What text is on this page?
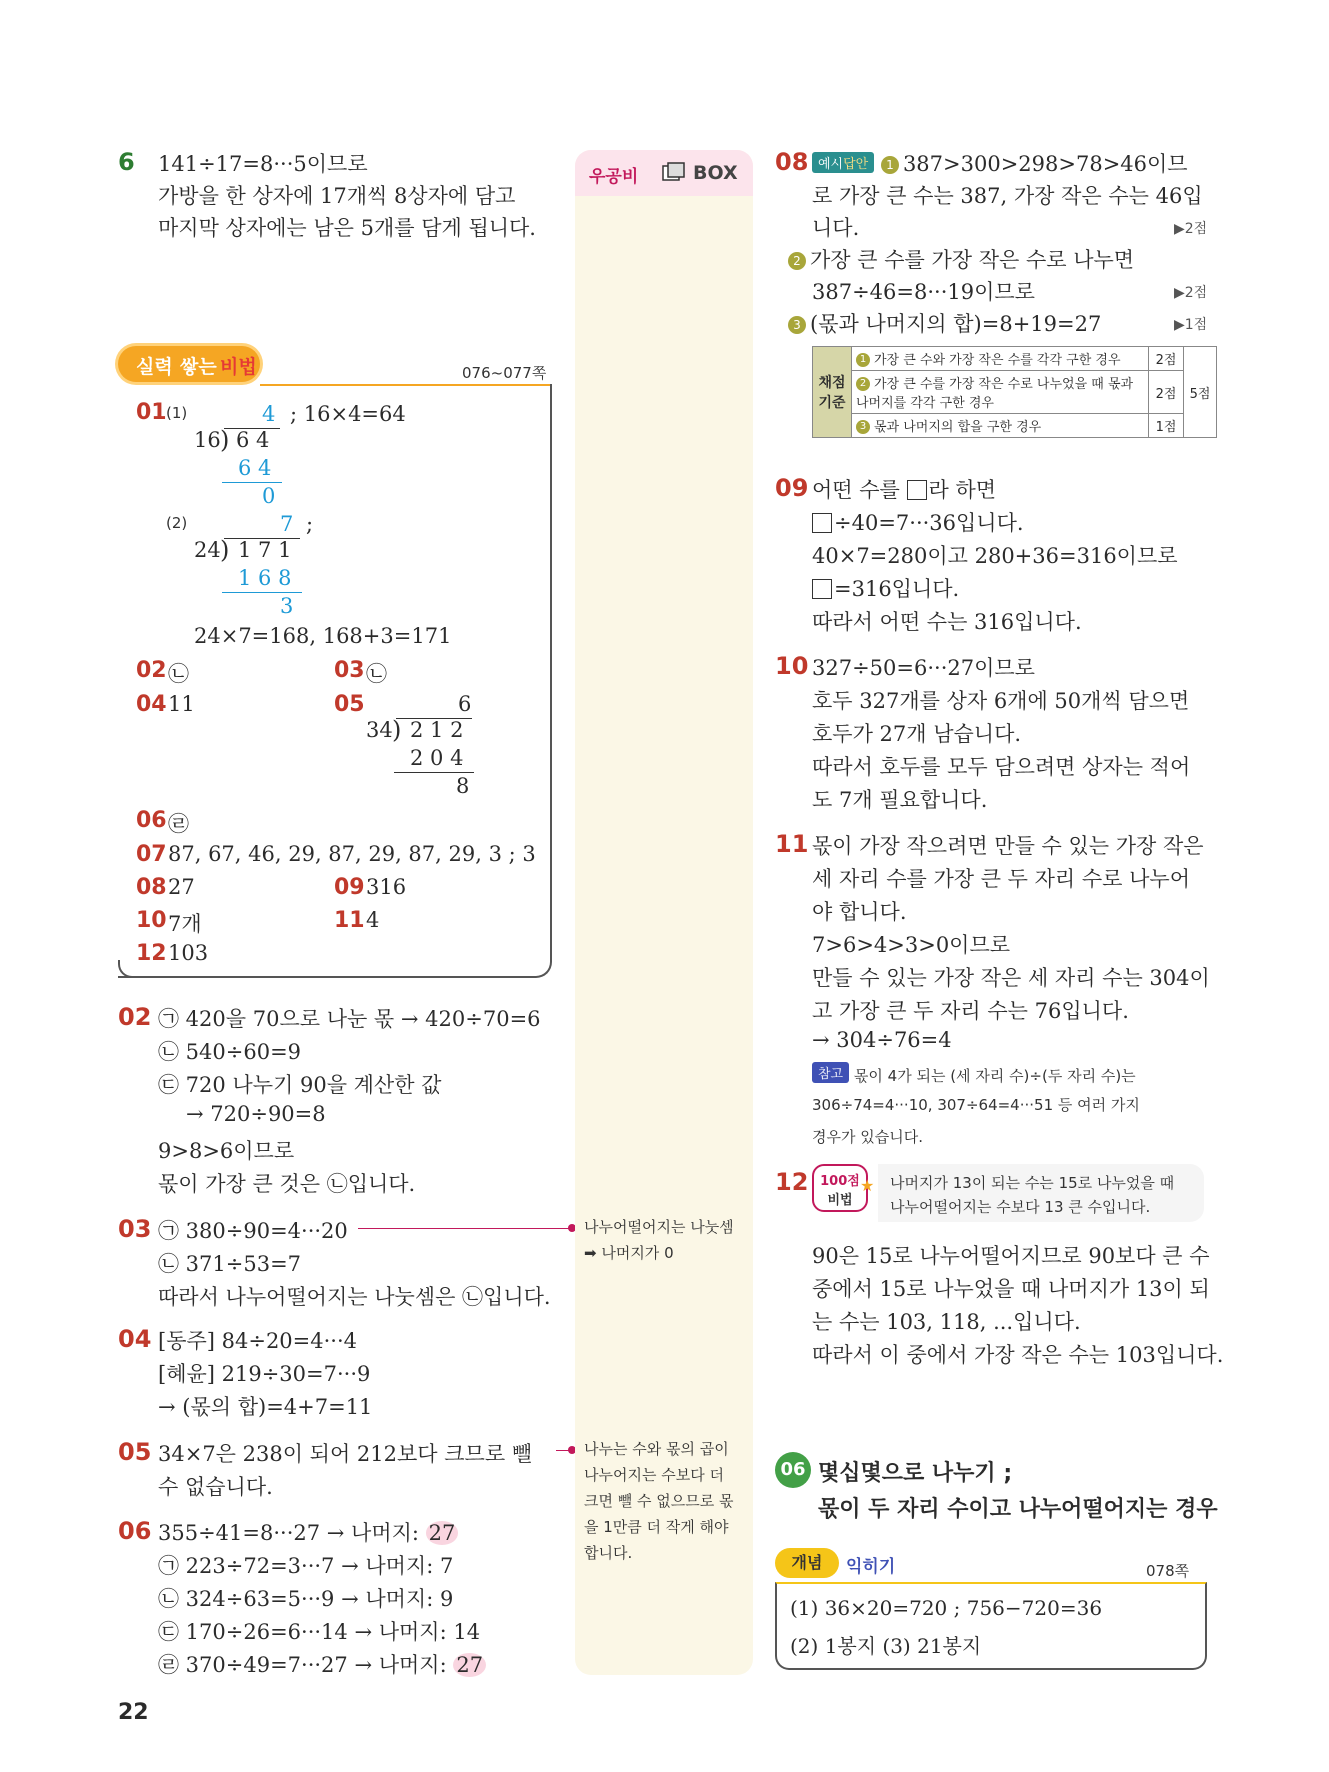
6 141÷17=8···5이므로
가방을 한 상자에 17개씩 8상자에 담고
마지막 상자에는 남은 5개를 담게 됩니다.
실력 쌓는 비법	076~077쪽
01 (1)	4 ; 16×4=64
16 ) 6 4
6 4
0
(2)	7 ;
24 ) 1 7 1
1 6 8
3
24×7=168, 168+3=171
02 ㉡	03 ㉡
04 11	05	6
34 ) 2 1 2
2 0 4
8
06 ㉣
07 87, 67, 46, 29, 87, 29, 87, 29, 3 ; 3
08 27	09 316
10 7개	11 4
12 103
02 ㉠ 420을 70으로 나눈 몫 → 420÷70=6
㉡ 540÷60=9
㉢ 720 나누기 90을 계산한 값
→ 720÷90=8
9>8>6이므로
몫이 가장 큰 것은 ㉡입니다.
03 ㉠ 380÷90=4···20
㉡ 371÷53=7
따라서 나누어떨어지는 나눗셈은 ㉡입니다.
04 [동주] 84÷20=4···4
[혜윤] 219÷30=7···9
→ (몫의 합)=4+7=11
05 34×7은 238이 되어 212보다 크므로 뺄
수 없습니다.
06 355÷41=8···27 → 나머지: 27
㉠ 223÷72=3···7 → 나머지: 7
㉡ 324÷63=5···9 → 나머지: 9
㉢ 170÷26=6···14 → 나머지: 14
㉣ 370÷49=7···27 → 나머지: 27
22
우공비	BOX
나누어떨어지는 나눗셈
➡ 나머지가 0
나누는 수와 몫의 곱이
나누어지는 수보다 더
크면 뺄 수 없으므로 몫
을 1만큼 더 작게 해야
합니다.
08 예시답안 1 387>300>298>78>46이므
로 가장 큰 수는 387, 가장 작은 수는 46입
니다.	▶2점
2 가장 큰 수를 가장 작은 수로 나누면
387÷46=8···19이므로	▶2점
3 (몫과 나머지의 합)=8+19=27	▶1점
채점 기준	1 가장 큰 수와 가장 작은 수를 각각 구한 경우	2점	5점
	2 가장 큰 수를 가장 작은 수로 나누었을 때 몫과 나머지를 각각 구한 경우	2점	
	3 몫과 나머지의 합을 구한 경우	1점	
09 어떤 수를 라 하면
÷40=7···36입니다.
40×7=280이고 280+36=316이므로
=316입니다.
따라서 어떤 수는 316입니다.
10 327÷50=6···27이므로
호두 327개를 상자 6개에 50개씩 담으면
호두가 27개 남습니다.
따라서 호두를 모두 담으려면 상자는 적어
도 7개 필요합니다.
11 몫이 가장 작으려면 만들 수 있는 가장 작은
세 자리 수를 가장 큰 두 자리 수로 나누어
야 합니다.
7>6>4>3>0이므로
만들 수 있는 가장 작은 세 자리 수는 304이
고 가장 큰 두 자리 수는 76입니다.
→ 304÷76=4
참고 몫이 4가 되는 (세 자리 수)÷(두 자리 수)는
306÷74=4···10, 307÷64=4···51 등 여러 가지
경우가 있습니다.
12 100점
비법
★ 나머지가 13이 되는 수는 15로 나누었을 때
나누어떨어지는 수보다 13 큰 수입니다.
90은 15로 나누어떨어지므로 90보다 큰 수
중에서 15로 나누었을 때 나머지가 13이 되
는 수는 103, 118, ...입니다.
따라서 이 중에서 가장 작은 수는 103입니다.
06 몇십몇으로 나누기 ;
몫이 두 자리 수이고 나누어떨어지는 경우
개념	익히기	078쪽
(1) 36×20=720 ; 756−720=36
(2) 1봉지 (3) 21봉지
